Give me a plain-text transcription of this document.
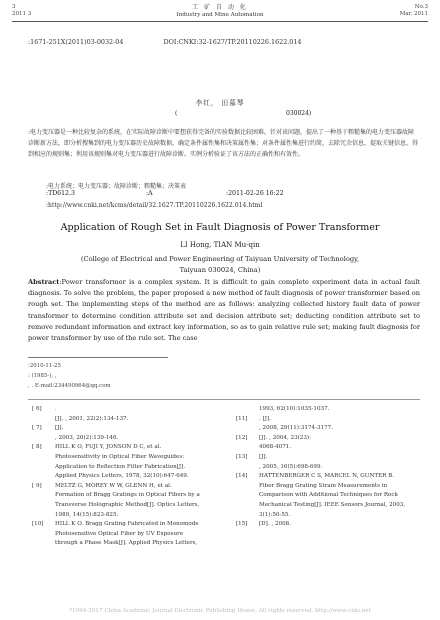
3
2011 3
工 矿 自 动 化
Industry and Mine Automation
No.3
Mar. 2011
:1671-251X(2011)03-0032-04	DOI:CNKI:32-1627/TP.20110226.1622.014
李红， 田慕琴
(	030024)
:电力变压器是一种比较复杂的系统，在实际故障诊断中要想获得完备的实验数据比较困难。针对该问题，提出了一种基于粗糙集的电力变压器故障诊断新方法，即分析搜集到的电力变压器历史故障数据，确定条件属性集和决策属性集；对条件属性集进行约简，去除冗余信息，提取关键信息，得到相应的规则集；利用该规则集对电力变压器进行故障诊断。实例分析验证了该方法的正确性和有效性。
:电力系统；电力变压器；故障诊断；粗糙集；决策表
:TD612.3	:A	:2011-02-26 16:22
:http://www.cnki.net/kcms/detail/32.1627.TP.20110226.1622.014.html
Application of Rough Set in Fault Diagnosis of Power Transformer
LI Hong, TIAN Mu-qin
(College of Electrical and Power Engineering of Taiyuan University of Technology,
Taiyuan 030024, China)
Abstract:Power transformer is a complex system. It is difficult to gain complete experiment data in actual fault diagnosis. To solve the problem, the paper proposed a new method of fault diagnosis of power transformer based on rough set. The implementing steps of the method are as follows: analyzing collected history fault data of power transformer to determine condition attribute set and decision attribute set; deducting condition attribute set to remove redundant information and extract key information, so as to gain relative rule set; making fault diagnosis for power transformer by use of the rule set. The case
:2010-11-25
: (1985-), ,
, . E-mail:234490964@qq.com
[ 6] .
[J]. , 2001, 22(2):134-137.
[ 7] [J].
, 2003, 20(2):139-146.
[ 8] HILL K O, FUJI Y, JONSON D C, et al.
Photosensitivity in Optical Fiber Waveguides:
Application to Reflection Filter Fabrication[J].
Applied Physics Letters, 1978, 32(10):647-649.
[ 9] MELTZ G, MOREY W W, GLENN H, et al.
Formation of Bragg Gratings in Optical Fibers by a
Transverse Holographic Method[J]. Optics Letters,
1989, 14(15):823-825.
[10] HILL K O. Bragg Grating Fabricated in Monomode
Photosensitive Optical Fiber by UV Exposure
through a Phase Mask[J]. Applied Physics Letters,
1993, 62(10):1035-1037.
[11] . [J].
, 2008, 29(11):3174-3177.
[12] [J]. , 2004, 23(23):
4068-4071.
[13] [J].
, 2005, 16(5):698-699.
[14] HATTENBERGER C S, MARCEL N, GUNTER B.
Fiber Bragg Grating Strain Measurements in
Comparison with Additional Techniques for Rock
Mechanical Testing[J]. IEEE Sensors Journal, 2003,
3(1):50-55.
[15] [D]. , 2008.
?1994-2017 China Academic Journal Electronic Publishing House. All rights reserved. http://www.cnki.net
